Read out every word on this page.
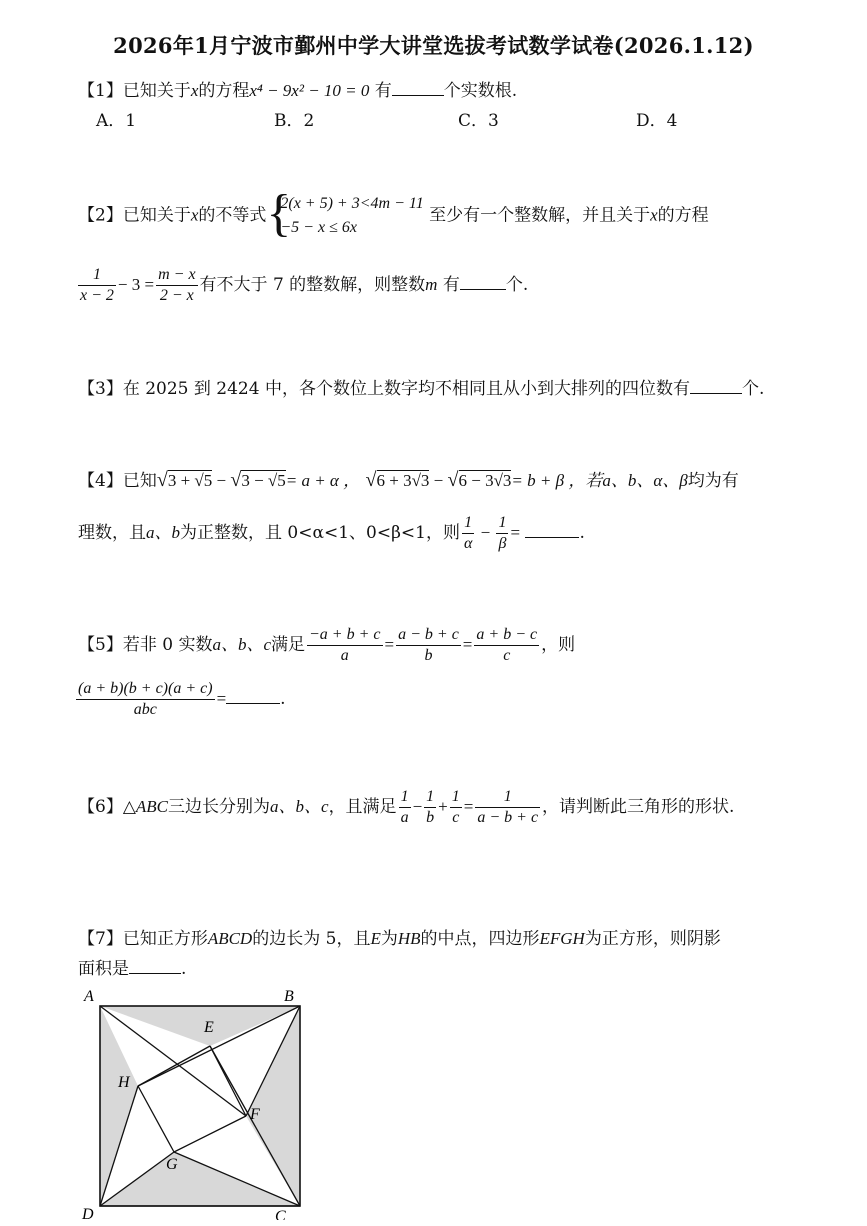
2026年1月宁波市鄞州中学大讲堂选拔考试数学试卷(2026.1.12)
【1】已知关于x的方程x⁴ − 9x² − 10 = 0 有	个实数根.
A．1	B．2	C．3	D．4
【2】已知关于x的不等式 {
2(x + 5) + 3<4m − 11
−5 − x ≤ 6x
至少有一个整数解，并且关于x的方程
$\frac{1}{x - 2} - 3 = \frac{m - x}{2 - x}$ 有不大于 7 的整数解，则整数m 有	个.
【3】在 2025 到 2424 中，各个数位上数字均不相同且从小到大排列的四位数有	个.
【4】已知√3 + √5 − √3 − √5= a + α ， √6 + 3√3 − √6 − 3√3= b + β ，若a、b、α、β均为有
理数，且a、b为正整数，且 0<α<1、0<β<1，则 $\frac{1}{\alpha} - \frac{1}{\beta}$ =	.
【5】若非 0 实数a、b、c满足 $\frac{-a + b + c}{a} = \frac{a - b + c}{b} = \frac{a + b - c}{c}$ ，则
$\frac{(a + b)(b + c)(a + c)}{\text{abc}}$ =	.
【6】△ABC三边长分别为a、b、c，且满足 $\frac{1}{a} - \frac{1}{b} + \frac{1}{c} = \frac{1}{a - b + c}$ ，请判断此三角形的形状.
【7】已知正方形ABCD的边长为 5，且E为HB的中点，四边形EFGH为正方形，则阴影
面积是	.
A	B
C
D
E
F
G
H
